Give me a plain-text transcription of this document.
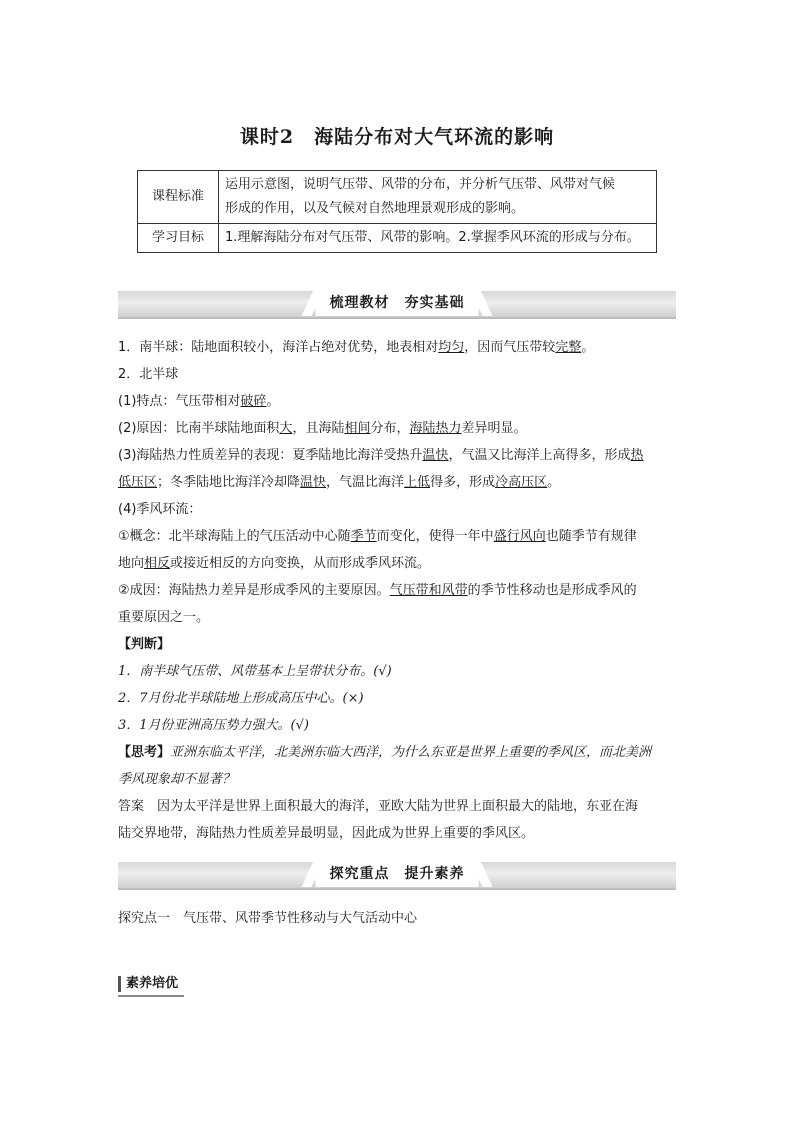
课时2　海陆分布对大气环流的影响
课程标准	运用示意图，说明气压带、风带的分布，并分析气压带、风带对气候
形成的作用，以及气候对自然地理景观形成的影响。

学习目标	1.理解海陆分布对气压带、风带的影响。2.掌握季风环流的形成与分布。
梳理教材　夯实基础

1．南半球：陆地面积较小，海洋占绝对优势，地表相对均匀，因而气压带较完整。

2．北半球

(1)特点：气压带相对破碎。

(2)原因：比南半球陆地面积大，且海陆相间分布，海陆热力差异明显。

(3)海陆热力性质差异的表现：夏季陆地比海洋受热升温快，气温又比海洋上高得多，形成热
低压区；冬季陆地比海洋冷却降温快，气温比海洋上低得多，形成冷高压区。

(4)季风环流：

①概念：北半球海陆上的气压活动中心随季节而变化，使得一年中盛行风向也随季节有规律
地向相反或接近相反的方向变换，从而形成季风环流。

②成因：海陆热力差异是形成季风的主要原因。气压带和风带的季节性移动也是形成季风的
重要原因之一。

【判断】

1．南半球气压带、风带基本上呈带状分布。(√)

2．7月份北半球陆地上形成高压中心。(×)

3．1月份亚洲高压势力强大。(√)

【思考】亚洲东临太平洋，北美洲东临大西洋，为什么东亚是世界上重要的季风区，而北美洲
季风现象却不显著？

答案　 因为太平洋是世界上面积最大的海洋，亚欧大陆为世界上面积最大的陆地，东亚在海
陆交界地带，海陆热力性质差异最明显，因此成为世界上重要的季风区。

探究重点　提升素养

探究点一　气压带、风带季节性移动与大气活动中心

素养培优
